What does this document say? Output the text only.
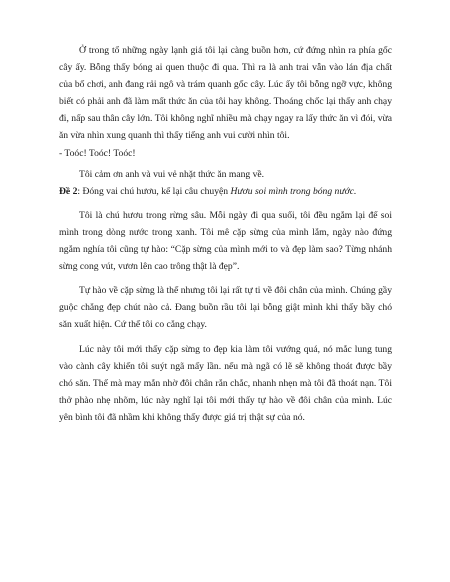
Ở trong tổ những ngày lạnh giá tôi lại càng buồn hơn, cứ đứng nhìn ra phía gốc cây ấy. Bỗng thấy bóng ai quen thuộc đi qua. Thì ra là anh trai vẫn vào lán địa chất của bố chơi, anh đang rải ngô và trám quanh gốc cây. Lúc ấy tôi bỗng ngỡ vực, không biết có phải anh đã làm mất thức ăn của tôi hay không. Thoáng chốc lại thấy anh chạy đi, nấp sau thân cây lớn. Tôi không nghĩ nhiều mà chạy ngay ra lấy thức ăn vì đói, vừa ăn vừa nhìn xung quanh thì thấy tiếng anh vui cười nhìn tôi.

- Toóc! Toóc! Toóc!

Tôi cảm ơn anh và vui vẻ nhặt thức ăn mang về.

Đề 2: Đóng vai chú hươu, kể lại câu chuyện Hươu soi mình trong bóng nước.

Tôi là chú hươu trong rừng sâu. Mỗi ngày đi qua suối, tôi đều ngắm lại để soi mình trong dòng nước trong xanh. Tôi mê cặp sừng của mình lắm, ngày nào đứng ngắm nghía tôi cũng tự hào: “Cặp sừng của mình mới to và đẹp làm sao? Từng nhánh sừng cong vút, vươn lên cao trông thật là đẹp”.

Tự hào về cặp sừng là thế nhưng tôi lại rất tự ti về đôi chân của mình. Chúng gầy guộc chẳng đẹp chút nào cả. Đang buồn rầu tôi lại bỗng giật mình khi thấy bầy chó săn xuất hiện. Cứ thế tôi co cẳng chạy.

Lúc này tôi mới thấy cặp sừng to đẹp kia làm tôi vướng quá, nó mắc lung tung vào cành cây khiến tôi suýt ngã mấy lần. nếu mà ngã có lẽ sẽ không thoát được bầy chó săn. Thế mà may mắn nhờ đôi chân rắn chắc, nhanh nhẹn mà tôi đã thoát nạn. Tôi thở phào nhẹ nhõm, lúc này nghĩ lại tôi mới thấy tự hào về đôi chân của mình. Lúc yên bình tôi đã nhầm khi không thấy được giá trị thật sự của nó.
